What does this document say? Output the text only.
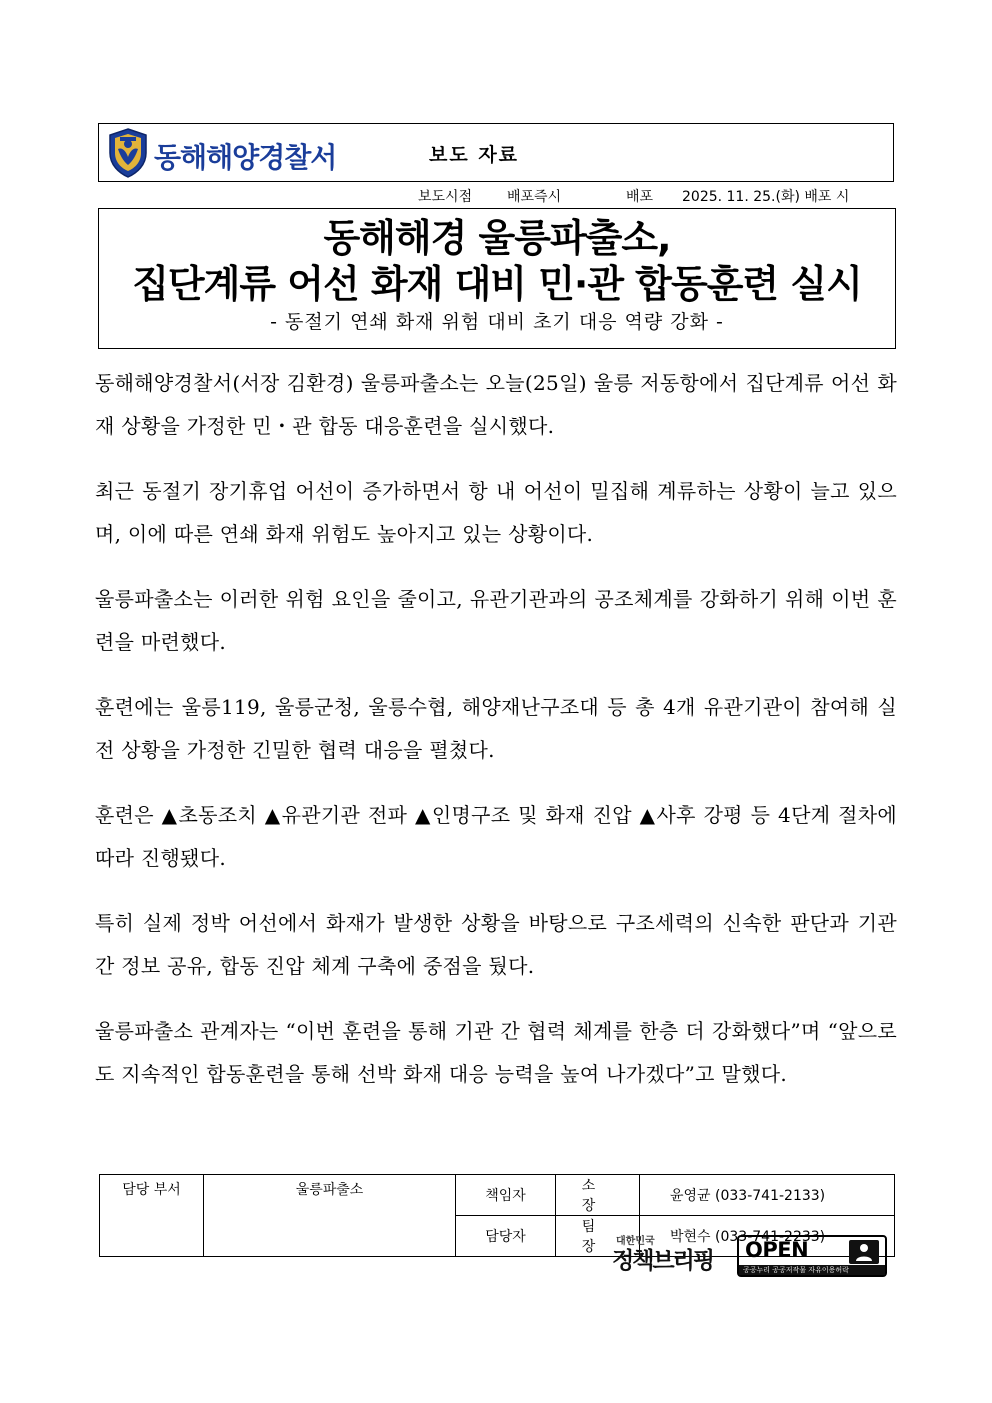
동해해양경찰서	보도 자료
보도시점 배포즉시	배포 2025. 11. 25.(화) 배포 시
동해해경 울릉파출소,
집단계류 어선 화재 대비 민·관 합동훈련 실시
- 동절기 연쇄 화재 위험 대비 초기 대응 역량 강화 -

동해해양경찰서(서장 김환경) 울릉파출소는 오늘(25일) 울릉 저동항에서 집단계류 어선 화재 상황을 가정한 민・관 합동 대응훈련을 실시했다.

최근 동절기 장기휴업 어선이 증가하면서 항 내 어선이 밀집해 계류하는 상황이 늘고 있으며, 이에 따른 연쇄 화재 위험도 높아지고 있는 상황이다.

울릉파출소는 이러한 위험 요인을 줄이고, 유관기관과의 공조체계를 강화하기 위해 이번 훈련을 마련했다.

훈련에는 울릉119, 울릉군청, 울릉수협, 해양재난구조대 등 총 4개 유관기관이 참여해 실전 상황을 가정한 긴밀한 협력 대응을 펼쳤다.

훈련은 ▲초동조치 ▲유관기관 전파 ▲인명구조 및 화재 진압 ▲사후 강평 등 4단계 절차에 따라 진행됐다.

특히 실제 정박 어선에서 화재가 발생한 상황을 바탕으로 구조세력의 신속한 판단과 기관 간 정보 공유, 합동 진압 체계 구축에 중점을 뒀다.

울릉파출소 관계자는 “이번 훈련을 통해 기관 간 협력 체계를 한층 더 강화했다”며 “앞으로도 지속적인 합동훈련을 통해 선박 화재 대응 능력을 높여 나가겠다”고 말했다.

담당 부서	울릉파출소	책임자	소 장	윤영균 (033-741-2133)
		담당자	팀 장	박현수 (033-741-2233)
대한민국
정책브리핑 OPEN
공공누리 공공저작물 자유이용허락
